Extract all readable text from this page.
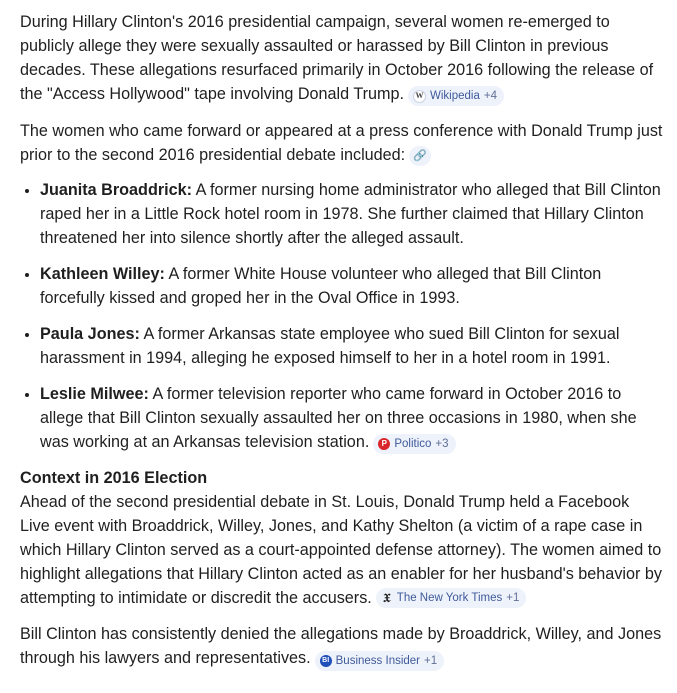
During Hillary Clinton's 2016 presidential campaign, several women re-emerged to publicly allege they were sexually assaulted or harassed by Bill Clinton in previous decades. These allegations resurfaced primarily in October 2016 following the release of the "Access Hollywood" tape involving Donald Trump.	W Wikipedia +4

The women who came forward or appeared at a press conference with Donald Trump just prior to the second 2016 presidential debate included: 🔗

• Juanita Broaddrick: A former nursing home administrator who alleged that Bill Clinton raped her in a Little Rock hotel room in 1978. She further claimed that Hillary Clinton threatened her into silence shortly after the alleged assault.
• Kathleen Willey: A former White House volunteer who alleged that Bill Clinton forcefully kissed and groped her in the Oval Office in 1993.
• Paula Jones: A former Arkansas state employee who sued Bill Clinton for sexual harassment in 1994, alleging he exposed himself to her in a hotel room in 1991.
• Leslie Milwee: A former television reporter who came forward in October 2016 to allege that Bill Clinton sexually assaulted her on three occasions in 1980, when she was working at an Arkansas television station.	P Politico +3

Context in 2016 Election

Ahead of the second presidential debate in St. Louis, Donald Trump held a Facebook Live event with Broaddrick, Willey, Jones, and Kathy Shelton (a victim of a rape case in which Hillary Clinton served as a court-appointed defense attorney). The women aimed to highlight allegations that Hillary Clinton acted as an enabler for her husband's behavior by attempting to intimidate or discredit the accusers. 𝔛 The New York Times +1

Bill Clinton has consistently denied the allegations made by Broaddrick, Willey, and Jones through his lawyers and representatives.	BI Business Insider +1
